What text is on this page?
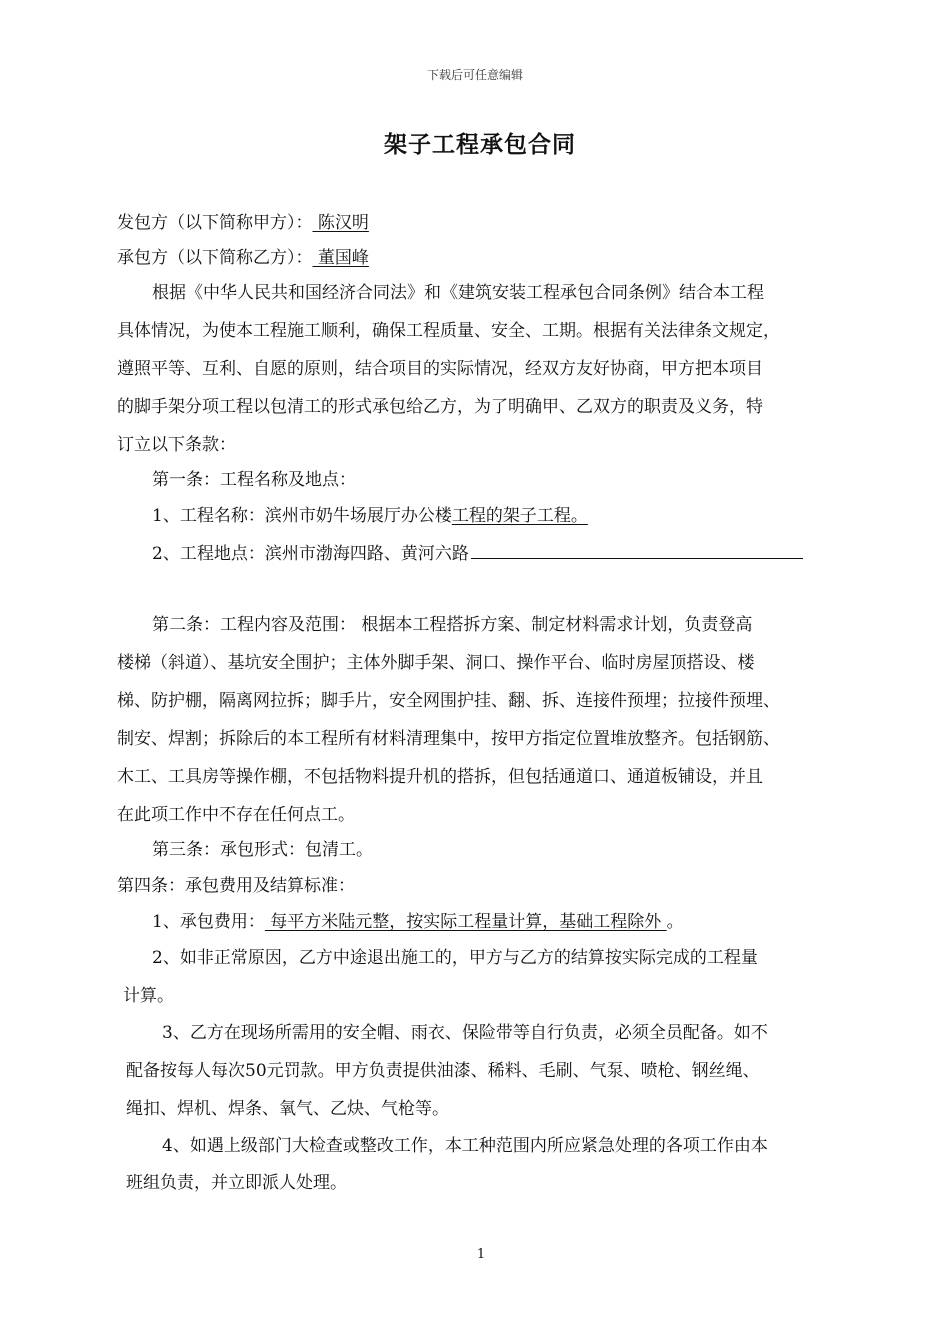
下载后可任意编辑
架子工程承包合同
发包方（以下简称甲方）： 陈汉明
承包方（以下简称乙方）： 董国峰
根据《中华人民共和国经济合同法》和《建筑安装工程承包合同条例》结合本工程
具体情况，为使本工程施工顺利，确保工程质量、安全、工期。根据有关法律条文规定，
遵照平等、互利、自愿的原则，结合项目的实际情况，经双方友好协商，甲方把本项目
的脚手架分项工程以包清工的形式承包给乙方，为了明确甲、乙双方的职责及义务，特
订立以下条款：
第一条：工程名称及地点：
1、工程名称：滨州市奶牛场展厅办公楼工程的架子工程。
2、工程地点：滨州市渤海四路、黄河六路
第二条：工程内容及范围： 根据本工程搭拆方案、制定材料需求计划，负责登高
楼梯（斜道）、基坑安全围护；主体外脚手架、洞口、操作平台、临时房屋顶搭设、楼
梯、防护棚，隔离网拉拆；脚手片，安全网围护挂、翻、拆、连接件预埋；拉接件预埋、
制安、焊割；拆除后的本工程所有材料清理集中，按甲方指定位置堆放整齐。包括钢筋、
木工、工具房等操作棚，不包括物料提升机的搭拆，但包括通道口、通道板铺设，并且
在此项工作中不存在任何点工。
第三条：承包形式：包清工。
第四条：承包费用及结算标准：
1、承包费用： 每平方米陆元整，按实际工程量计算，基础工程除外 。
2、如非正常原因，乙方中途退出施工的，甲方与乙方的结算按实际完成的工程量
计算。
3、乙方在现场所需用的安全帽、雨衣、保险带等自行负责，必须全员配备。如不
配备按每人每次50元罚款。甲方负责提供油漆、稀料、毛刷、气泵、喷枪、钢丝绳、
绳扣、焊机、焊条、氧气、乙炔、气枪等。
4、如遇上级部门大检查或整改工作，本工种范围内所应紧急处理的各项工作由本
班组负责，并立即派人处理。
1
